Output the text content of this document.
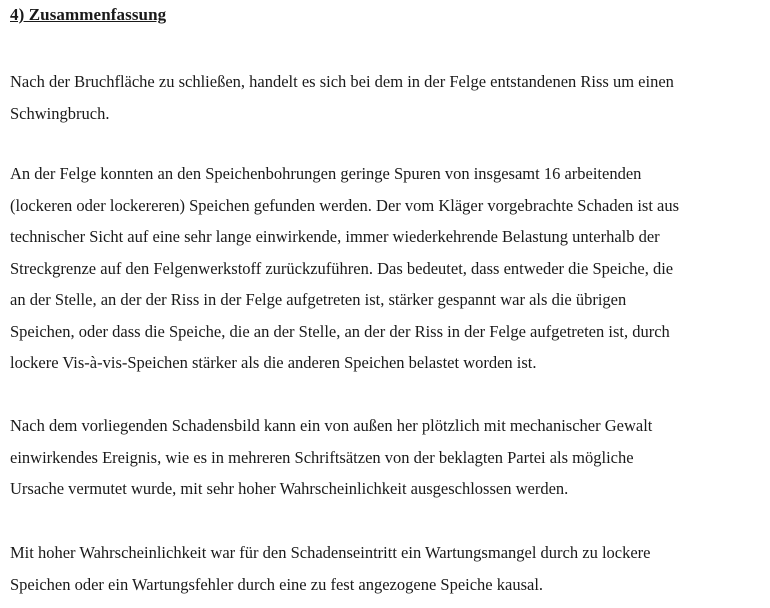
4) Zusammenfassung
Nach der Bruchfläche zu schließen, handelt es sich bei dem in der Felge entstandenen Riss um einen
Schwingbruch.
An der Felge konnten an den Speichenbohrungen geringe Spuren von insgesamt 16 arbeitenden
(lockeren oder lockereren) Speichen gefunden werden. Der vom Kläger vorgebrachte Schaden ist aus
technischer Sicht auf eine sehr lange einwirkende, immer wiederkehrende Belastung unterhalb der
Streckgrenze auf den Felgenwerkstoff zurückzuführen. Das bedeutet, dass entweder die Speiche, die
an der Stelle, an der der Riss in der Felge aufgetreten ist, stärker gespannt war als die übrigen
Speichen, oder dass die Speiche, die an der Stelle, an der der Riss in der Felge aufgetreten ist, durch
lockere Vis-à-vis-Speichen stärker als die anderen Speichen belastet worden ist.
Nach dem vorliegenden Schadensbild kann ein von außen her plötzlich mit mechanischer Gewalt
einwirkendes Ereignis, wie es in mehreren Schriftsätzen von der beklagten Partei als mögliche
Ursache vermutet wurde, mit sehr hoher Wahrscheinlichkeit ausgeschlossen werden.
Mit hoher Wahrscheinlichkeit war für den Schadenseintritt ein Wartungsmangel durch zu lockere
Speichen oder ein Wartungsfehler durch eine zu fest angezogene Speiche kausal.
